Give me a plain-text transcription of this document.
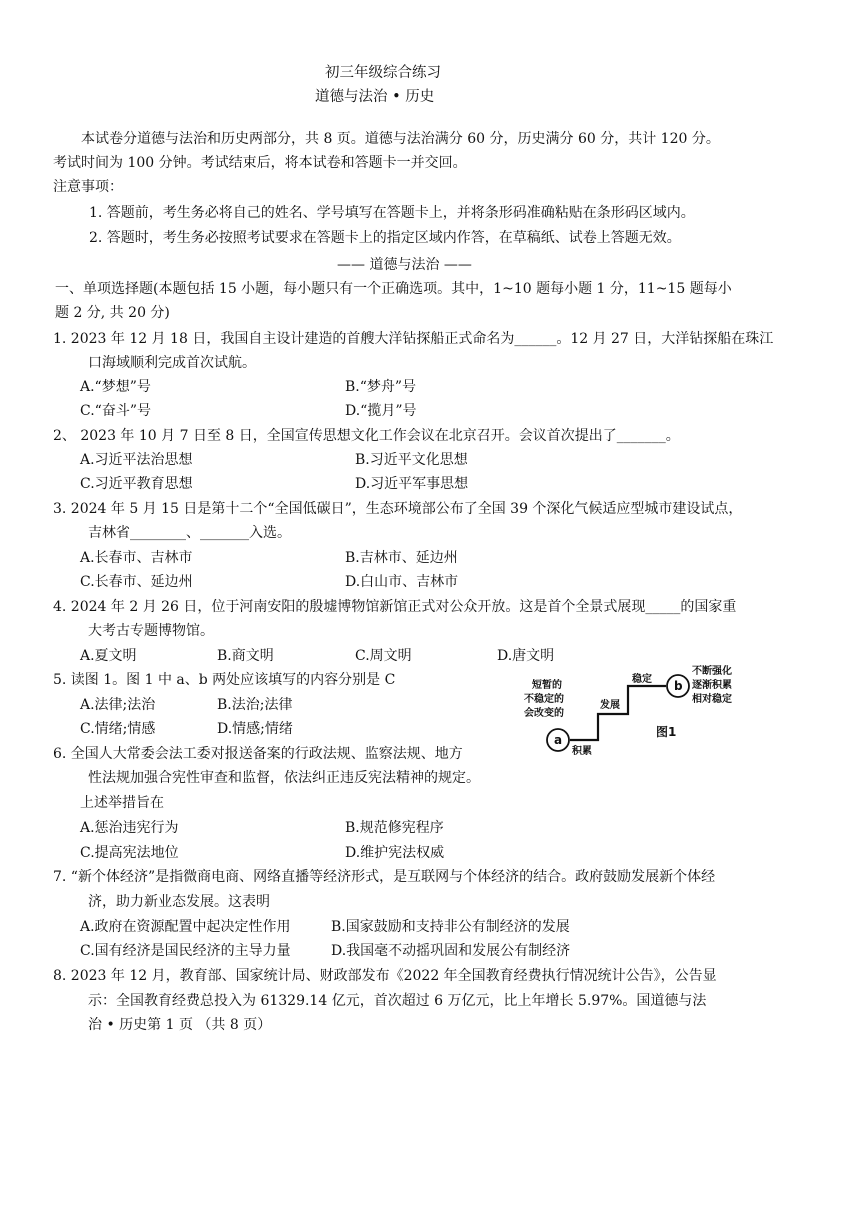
初三年级综合练习
道德与法治 • 历史
本试卷分道德与法治和历史两部分，共 8 页。道德与法治满分 60 分，历史满分 60 分，共计 120 分。
考试时间为 100 分钟。考试结束后，将本试卷和答题卡一并交回。
注意事项：
1. 答题前，考生务必将自己的姓名、学号填写在答题卡上，并将条形码准确粘贴在条形码区域内。
2. 答题时，考生务必按照考试要求在答题卡上的指定区域内作答，在草稿纸、试卷上答题无效。
—— 道德与法治 ——
一、单项选择题(本题包括 15 小题，每小题只有一个正确选项。其中，1~10 题每小题 1 分，11~15 题每小
题 2 分, 共 20 分)
1. 2023 年 12 月 18 日，我国自主设计建造的首艘大洋钻探船正式命名为______。12 月 27 日，大洋钻探船在珠江
口海域顺利完成首次试航。
A.“梦想”号	B.“梦舟”号
C.“奋斗”号	D.“揽月”号
2、 2023 年 10 月 7 日至 8 日，全国宣传思想文化工作会议在北京召开。会议首次提出了_______。
A.习近平法治思想	B.习近平文化思想
C.习近平教育思想	D.习近平军事思想
3. 2024 年 5 月 15 日是第十二个“全国低碳日”，生态环境部公布了全国 39 个深化气候适应型城市建设试点，
吉林省________、_______入选。
A.长春市、吉林市	B.吉林市、延边州
C.长春市、延边州	D.白山市、吉林市
4. 2024 年 2 月 26 日，位于河南安阳的殷墟博物馆新馆正式对公众开放。这是首个全景式展现_____的国家重
大考古专题博物馆。
A.夏文明	B.商文明	C.周文明	D.唐文明
5. 读图 1。图 1 中 a、b 两处应该填写的内容分别是 C
A.法律;法治	B.法治;法律
C.情绪;情感	D.情感;情绪
短暂的
不稳定的
会改变的
a
积累
发展
稳定 b
不断强化
逐渐积累
相对稳定
图1
6. 全国人大常委会法工委对报送备案的行政法规、监察法规、地方
性法规加强合宪性审查和监督，依法纠正违反宪法精神的规定。
上述举措旨在
A.惩治违宪行为	B.规范修宪程序
C.提高宪法地位	D.维护宪法权威
7. “新个体经济”是指微商电商、网络直播等经济形式，是互联网与个体经济的结合。政府鼓励发展新个体经
济，助力新业态发展。这表明
A.政府在资源配置中起决定性作用	B.国家鼓励和支持非公有制经济的发展
C.国有经济是国民经济的主导力量	D.我国毫不动摇巩固和发展公有制经济
8. 2023 年 12 月，教育部、国家统计局、财政部发布《2022 年全国教育经费执行情况统计公告》，公告显
示：全国教育经费总投入为 61329.14 亿元，首次超过 6 万亿元，比上年增长 5.97%。国道德与法
治 • 历史第 1 页 （共 8 页）
